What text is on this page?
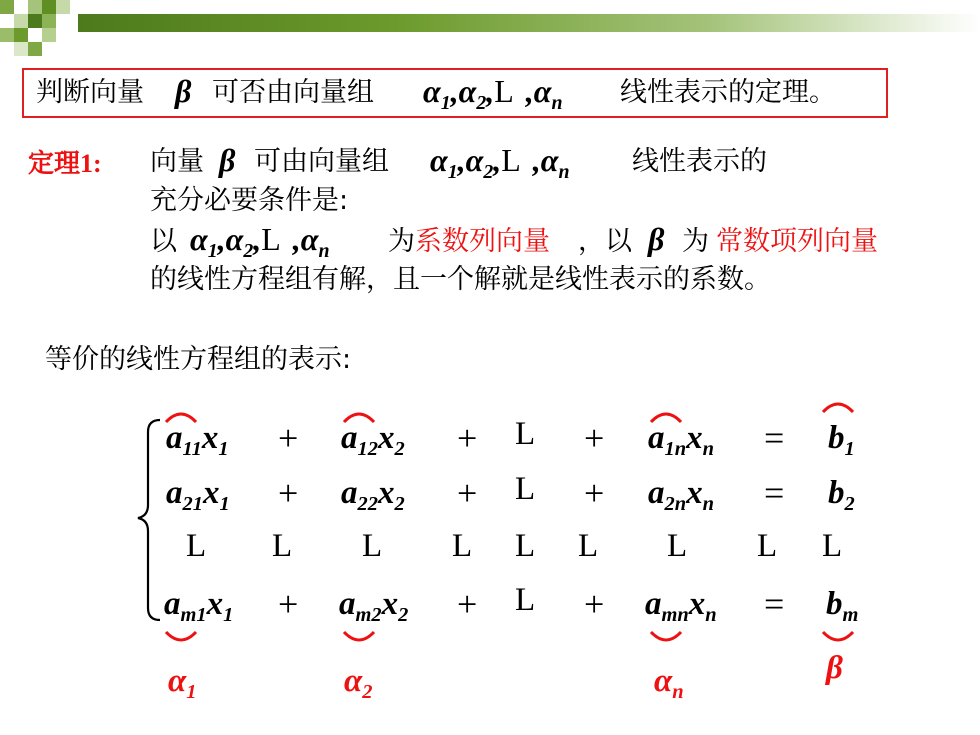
判断向量 β 可否由向量组 $\alpha_1,\alpha_2,L$ $,\alpha_n$ 线性表示的定理。
定理1: 向量 β 可由向量组 $\alpha_1,\alpha_2,L$ $,\alpha_n$ 线性表示的
充分必要条件是:
以 $\alpha_1,\alpha_2,L$ $,\alpha_n$ 为 系数列向量 ，以 β 为 常数项列向量
的线性方程组有解，且一个解就是线性表示的系数。
等价的线性方程组的表示:
$a_{11}x_1 + a_{12}x_2 + L + a_{1n}x_n = b_1$
$a_{21}x_1 + a_{22}x_2 + L + a_{2n}x_n = b_2$
L L L L L L L L L
$a_{m1}x_1 + a_{m2}x_2 + L + a_{mn}x_n = b_m$
$\alpha_1$	$\alpha_2$	$\alpha_n$
β
